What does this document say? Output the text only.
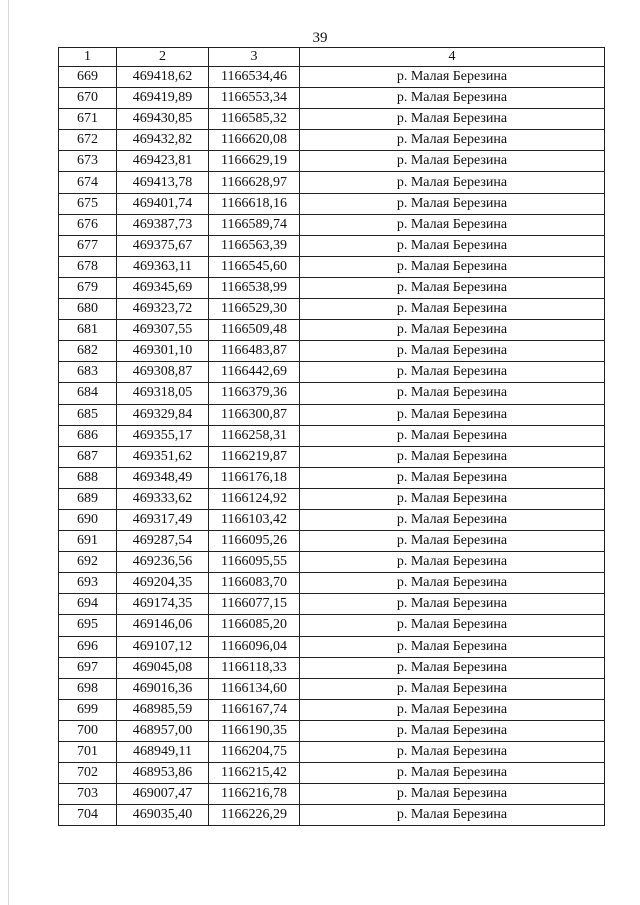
39
1	2	3	4
669	469418,62	1166534,46	р. Малая Березина
670	469419,89	1166553,34	р. Малая Березина
671	469430,85	1166585,32	р. Малая Березина
672	469432,82	1166620,08	р. Малая Березина
673	469423,81	1166629,19	р. Малая Березина
674	469413,78	1166628,97	р. Малая Березина
675	469401,74	1166618,16	р. Малая Березина
676	469387,73	1166589,74	р. Малая Березина
677	469375,67	1166563,39	р. Малая Березина
678	469363,11	1166545,60	р. Малая Березина
679	469345,69	1166538,99	р. Малая Березина
680	469323,72	1166529,30	р. Малая Березина
681	469307,55	1166509,48	р. Малая Березина
682	469301,10	1166483,87	р. Малая Березина
683	469308,87	1166442,69	р. Малая Березина
684	469318,05	1166379,36	р. Малая Березина
685	469329,84	1166300,87	р. Малая Березина
686	469355,17	1166258,31	р. Малая Березина
687	469351,62	1166219,87	р. Малая Березина
688	469348,49	1166176,18	р. Малая Березина
689	469333,62	1166124,92	р. Малая Березина
690	469317,49	1166103,42	р. Малая Березина
691	469287,54	1166095,26	р. Малая Березина
692	469236,56	1166095,55	р. Малая Березина
693	469204,35	1166083,70	р. Малая Березина
694	469174,35	1166077,15	р. Малая Березина
695	469146,06	1166085,20	р. Малая Березина
696	469107,12	1166096,04	р. Малая Березина
697	469045,08	1166118,33	р. Малая Березина
698	469016,36	1166134,60	р. Малая Березина
699	468985,59	1166167,74	р. Малая Березина
700	468957,00	1166190,35	р. Малая Березина
701	468949,11	1166204,75	р. Малая Березина
702	468953,86	1166215,42	р. Малая Березина
703	469007,47	1166216,78	р. Малая Березина
704	469035,40	1166226,29	р. Малая Березина
